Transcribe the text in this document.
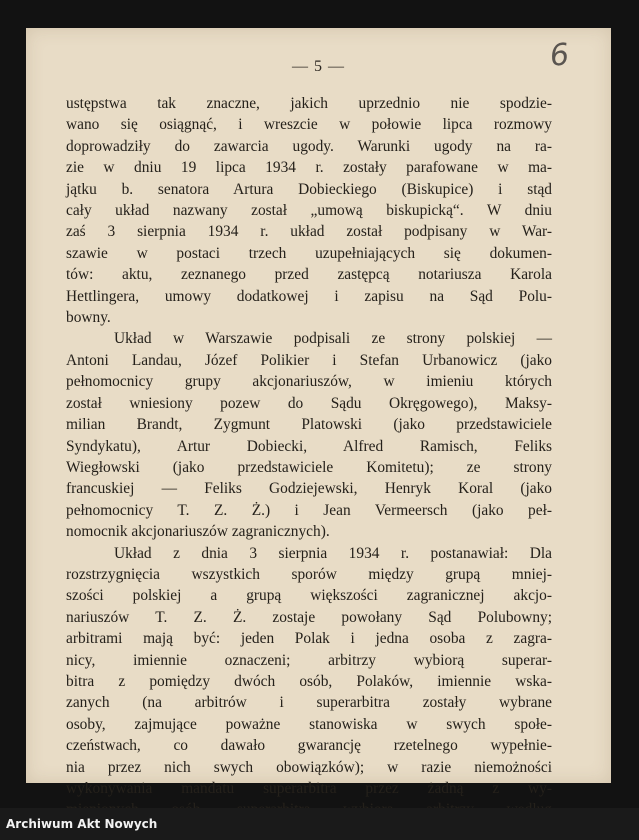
— 5 —	6
ustępstwa tak znaczne, jakich uprzednio nie spodzie-
wano się osiągnąć, i wreszcie w połowie lipca rozmowy
doprowadziły do zawarcia ugody. Warunki ugody na ra-
zie w dniu 19 lipca 1934 r. zostały parafowane w ma-
jątku b. senatora Artura Dobieckiego (Biskupice) i stąd
cały układ nazwany został „umową biskupicką“. W dniu
zaś 3 sierpnia 1934 r. układ został podpisany w War-
szawie w postaci trzech uzupełniających się dokumen-
tów: aktu, zeznanego przed zastępcą notariusza Karola
Hettlingera, umowy dodatkowej i zapisu na Sąd Polu-
bowny.
Układ w Warszawie podpisali ze strony polskiej —
Antoni Landau, Józef Polikier i Stefan Urbanowicz (jako
pełnomocnicy grupy akcjonariuszów, w imieniu których
został wniesiony pozew do Sądu Okręgowego), Maksy-
milian Brandt, Zygmunt Platowski (jako przedstawiciele
Syndykatu), Artur Dobiecki, Alfred Ramisch, Feliks
Wiegłowski (jako przedstawiciele Komitetu); ze strony
francuskiej — Feliks Godziejewski, Henryk Koral (jako
pełnomocnicy T. Z. Ż.) i Jean Vermeersch (jako peł-
nomocnik akcjonariuszów zagranicznych).
Układ z dnia 3 sierpnia 1934 r. postanawiał: Dla
rozstrzygnięcia wszystkich sporów między grupą mniej-
szości polskiej a grupą większości zagranicznej akcjo-
nariuszów T. Z. Ż. zostaje powołany Sąd Polubowny;
arbitrami mają być: jeden Polak i jedna osoba z zagra-
nicy, imiennie oznaczeni; arbitrzy wybiorą superar-
bitra z pomiędzy dwóch osób, Polaków, imiennie wska-
zanych (na arbitrów i superarbitra zostały wybrane
osoby, zajmujące poważne stanowiska w swych społe-
czeństwach, co dawało gwarancję rzetelnego wypełnie-
nia przez nich swych obowiązków); w razie niemożności
wykonywania mandatu superarbitra przez żadną z wy-
Archiwum Akt Nowych
